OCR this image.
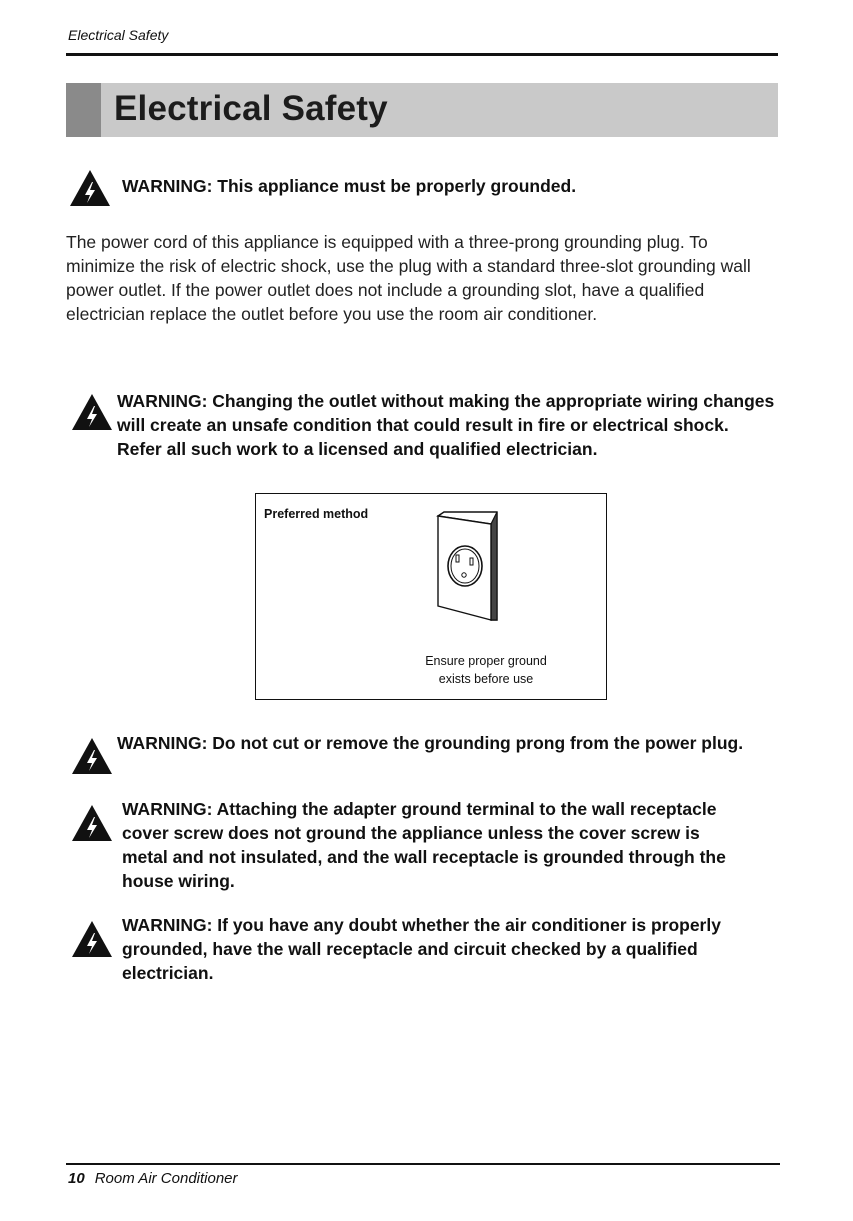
Electrical Safety
Electrical Safety
WARNING: This appliance must be properly grounded.
The power cord of this appliance is equipped with a three-prong grounding plug. To minimize the risk of electric shock, use the plug with a standard three-slot grounding wall power outlet. If the power outlet does not include a grounding slot, have a qualified electrician replace the outlet before you use the room air conditioner.
WARNING: Changing the outlet without making the appropriate wiring changes will create an unsafe condition that could result in fire or electrical shock. Refer all such work to a licensed and qualified electrician.
Preferred method
Ensure proper ground
exists before use
WARNING: Do not cut or remove the grounding prong from the power plug.
WARNING: Attaching the adapter ground terminal to the wall receptacle cover screw does not ground the appliance unless the cover screw is metal and not insulated, and the wall receptacle is grounded through the house wiring.
WARNING: If you have any doubt whether the air conditioner is properly grounded, have the wall receptacle and circuit checked by a qualified electrician.
10 Room Air Conditioner
